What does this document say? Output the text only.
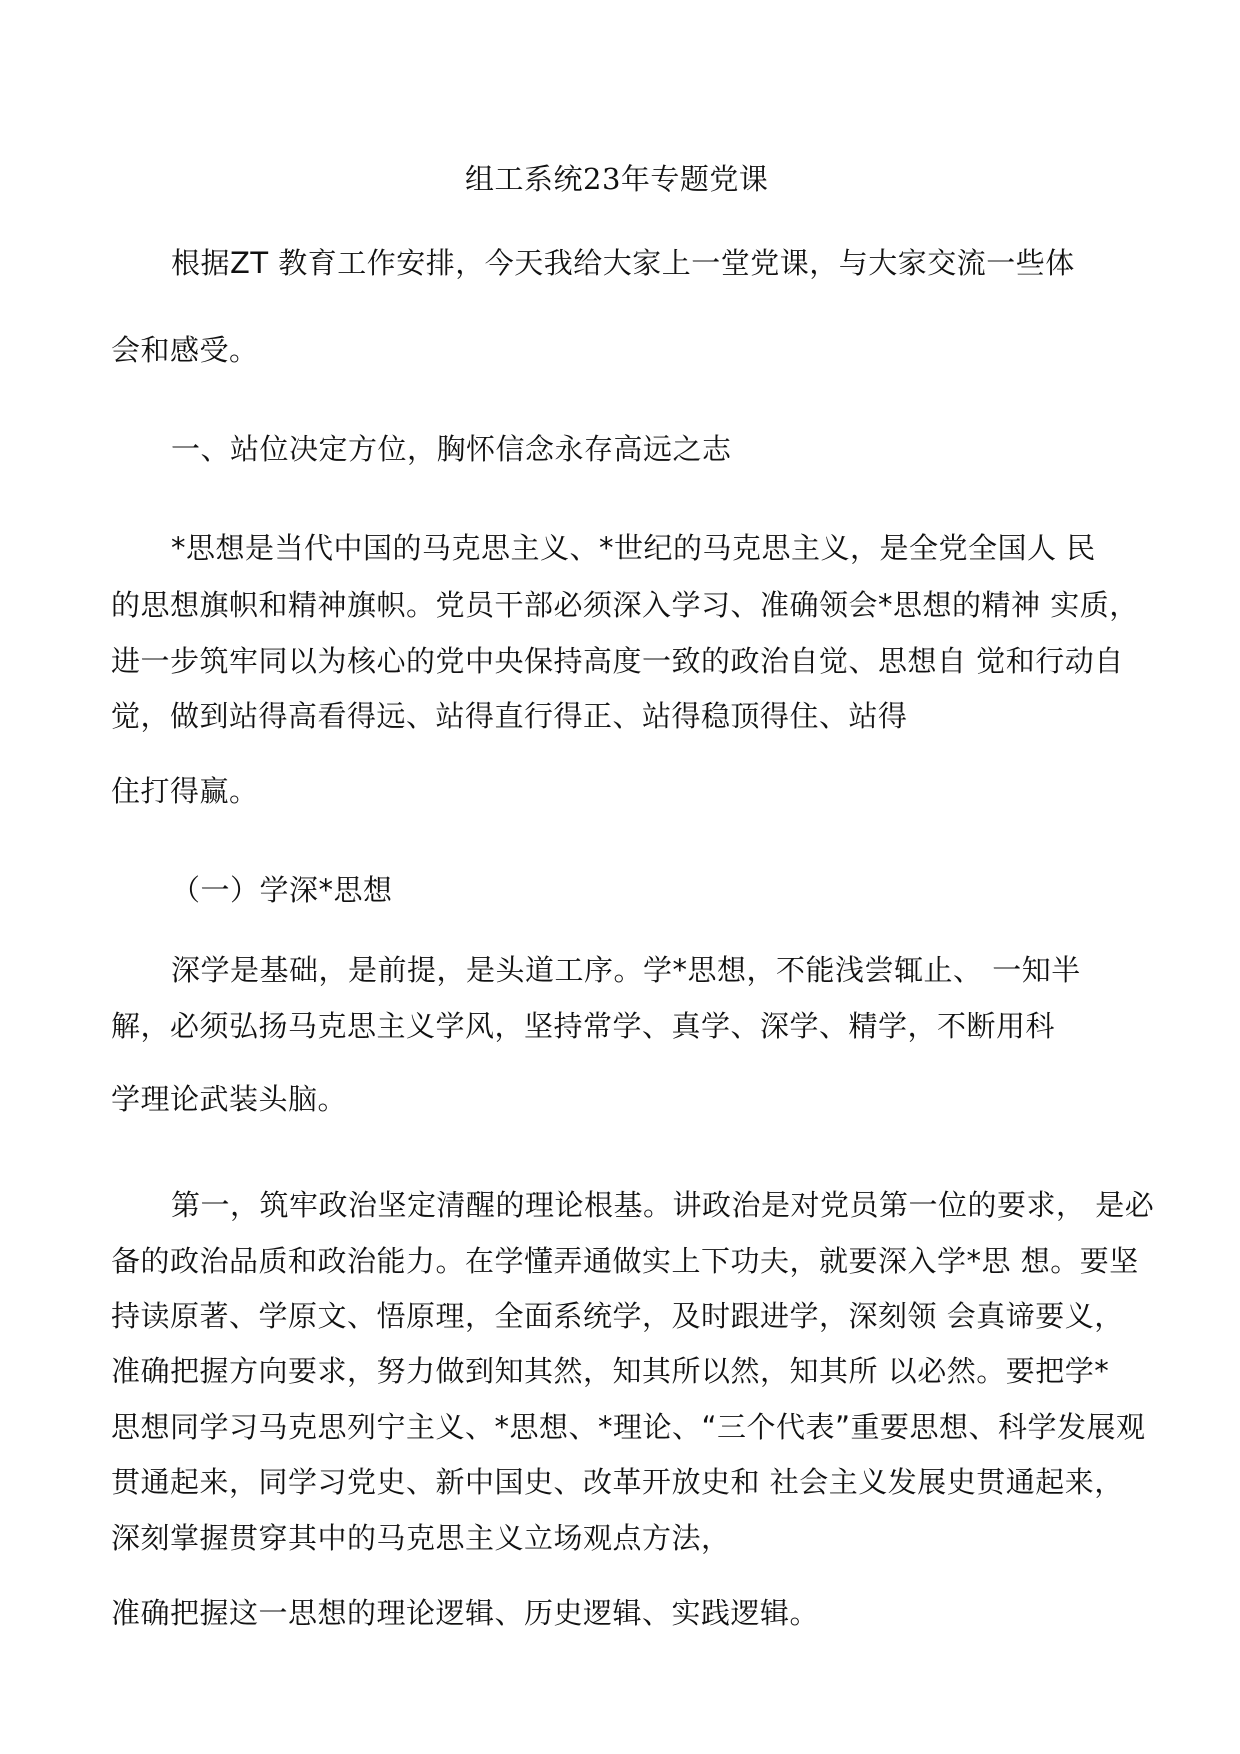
组工系统23年专题党课
根据ZT 教育工作安排，今天我给大家上一堂党课，与大家交流一些体
会和感受。
一、站位决定方位，胸怀信念永存高远之志
*思想是当代中国的马克思主义、*世纪的马克思主义，是全党全国人 民
的思想旗帜和精神旗帜。党员干部必须深入学习、准确领会*思想的精神 实质，
进一步筑牢同以为核心的党中央保持高度一致的政治自觉、思想自 觉和行动自
觉，做到站得高看得远、站得直行得正、站得稳顶得住、站得
住打得赢。
（一）学深*思想
深学是基础，是前提，是头道工序。学*思想，不能浅尝辄止、 一知半
解，必须弘扬马克思主义学风，坚持常学、真学、深学、精学，不断用科
学理论武装头脑。
第一，筑牢政治坚定清醒的理论根基。讲政治是对党员第一位的要求， 是必
备的政治品质和政治能力。在学懂弄通做实上下功夫，就要深入学*思 想。要坚
持读原著、学原文、悟原理，全面系统学，及时跟进学，深刻领 会真谛要义，
准确把握方向要求，努力做到知其然，知其所以然，知其所 以必然。要把学*
思想同学习马克思列宁主义、*思想、*理论、“三个代表”重要思想、科学发展观
贯通起来，同学习党史、新中国史、改革开放史和 社会主义发展史贯通起来，
深刻掌握贯穿其中的马克思主义立场观点方法，
准确把握这一思想的理论逻辑、历史逻辑、实践逻辑。
